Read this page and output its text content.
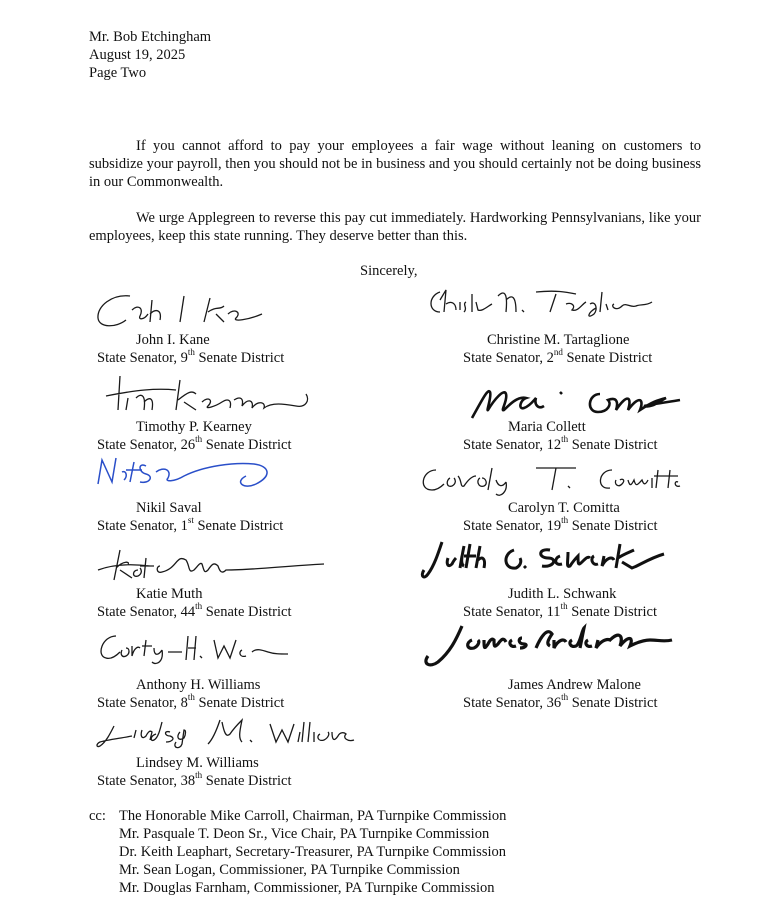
Mr. Bob Etchingham
August 19, 2025
Page Two
If you cannot afford to pay your employees a fair wage without leaning on customers to subsidize your payroll, then you should not be in business and you should certainly not be doing business in our Commonwealth.
We urge Applegreen to reverse this pay cut immediately. Hardworking Pennsylvanians, like your employees, keep this state running. They deserve better than this.
Sincerely,
John I. Kane
State Senator, 9th Senate District
Christine M. Tartaglione
State Senator, 2nd Senate District
Timothy P. Kearney
State Senator, 26th Senate District
Maria Collett
State Senator, 12th Senate District
Nikil Saval
State Senator, 1st Senate District
Carolyn T. Comitta
State Senator, 19th Senate District
Katie Muth
State Senator, 44th Senate District
Judith L. Schwank
State Senator, 11th Senate District
Anthony H. Williams
State Senator, 8th Senate District
James Andrew Malone
State Senator, 36th Senate District
Lindsey M. Williams
State Senator, 38th Senate District
cc: The Honorable Mike Carroll, Chairman, PA Turnpike Commission
Mr. Pasquale T. Deon Sr., Vice Chair, PA Turnpike Commission
Dr. Keith Leaphart, Secretary-Treasurer, PA Turnpike Commission
Mr. Sean Logan, Commissioner, PA Turnpike Commission
Mr. Douglas Farnham, Commissioner, PA Turnpike Commission
